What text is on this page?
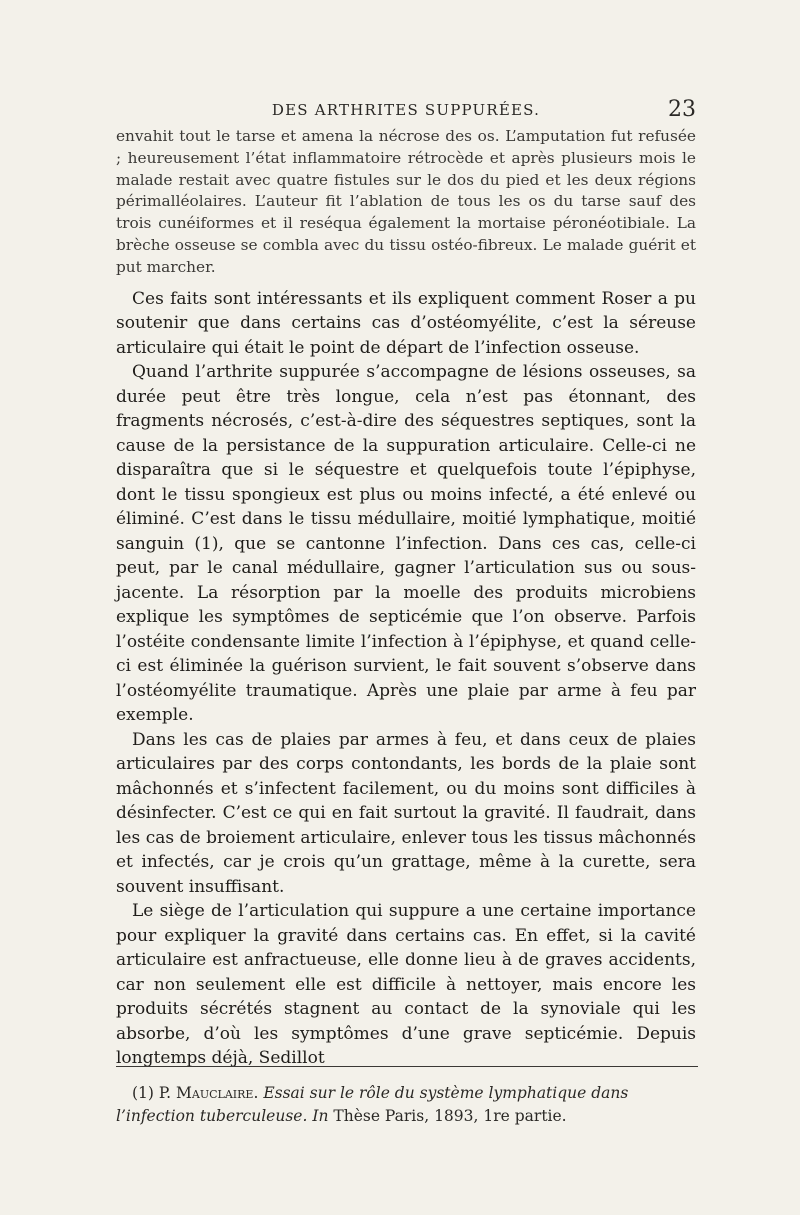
DES ARTHRITES SUPPURÉES.	23

envahit tout le tarse et amena la nécrose des os. L’amputation fut refusée ; heureusement l’état inflammatoire rétrocède et après plusieurs mois le malade restait avec quatre fistules sur le dos du pied et les deux régions périmalléolaires. L’auteur fit l’ablation de tous les os du tarse sauf des trois cunéiformes et il reséqua également la mortaise péronéotibiale. La brèche osseuse se combla avec du tissu ostéo-fibreux. Le malade guérit et put marcher.

Ces faits sont intéressants et ils expliquent comment Roser a pu soutenir que dans certains cas d’ostéomyélite, c’est la séreuse articulaire qui était le point de départ de l’infection osseuse.

Quand l’arthrite suppurée s’accompagne de lésions osseuses, sa durée peut être très longue, cela n’est pas étonnant, des fragments nécrosés, c’est-à-dire des séquestres septiques, sont la cause de la persistance de la suppuration articulaire. Celle-ci ne disparaîtra que si le séquestre et quelquefois toute l’épiphyse, dont le tissu spongieux est plus ou moins infecté, a été enlevé ou éliminé. C’est dans le tissu médullaire, moitié lymphatique, moitié sanguin (1), que se cantonne l’infection. Dans ces cas, celle-ci peut, par le canal médullaire, gagner l’articulation sus ou sous-jacente. La résorption par la moelle des produits microbiens explique les symptômes de septicémie que l’on observe. Parfois l’ostéite condensante limite l’infection à l’épiphyse, et quand celle-ci est éliminée la guérison survient, le fait souvent s’observe dans l’ostéomyélite traumatique. Après une plaie par arme à feu par exemple.

Dans les cas de plaies par armes à feu, et dans ceux de plaies articulaires par des corps contondants, les bords de la plaie sont mâchonnés et s’infectent facilement, ou du moins sont difficiles à désinfecter. C’est ce qui en fait surtout la gravité. Il faudrait, dans les cas de broiement articulaire, enlever tous les tissus mâchonnés et infectés, car je crois qu’un grattage, même à la curette, sera souvent insuffisant.

Le siège de l’articulation qui suppure a une certaine importance pour expliquer la gravité dans certains cas. En effet, si la cavité articulaire est anfractueuse, elle donne lieu à de graves accidents, car non seulement elle est difficile à nettoyer, mais encore les produits sécrétés stagnent au contact de la synoviale qui les absorbe, d’où les symptômes d’une grave septicémie. Depuis longtemps déjà, Sedillot

(1) P. Mauclaire. Essai sur le rôle du système lymphatique dans l’infection tuberculeuse. In Thèse Paris, 1893, 1re partie.
